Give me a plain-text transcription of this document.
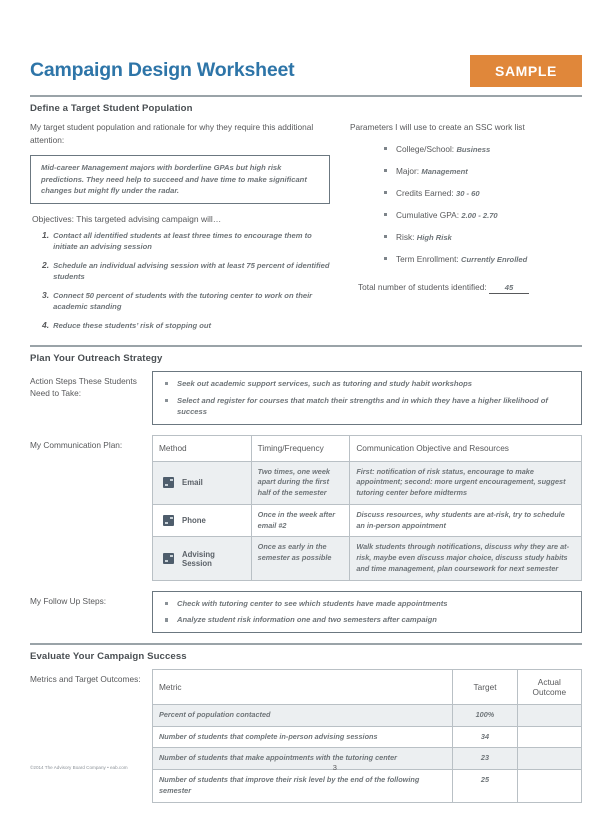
Campaign Design Worksheet	SAMPLE
Define a Target Student Population
My target student population and rationale for why they require this additional attention:
Mid-career Management majors with borderline GPAs but high risk predictions. They need help to succeed and have time to make significant changes but might fly under the radar.
Objectives: This targeted advising campaign will…
1. Contact all identified students at least three times to encourage them to initiate an advising session
2. Schedule an individual advising session with at least 75 percent of identified students
3. Connect 50 percent of students with the tutoring center to work on their academic standing
4. Reduce these students’ risk of stopping out
Parameters I will use to create an SSC work list
College/School: Business
Major: Management
Credits Earned: 30 - 60
Cumulative GPA: 2.00 - 2.70
Risk: High Risk
Term Enrollment: Currently Enrolled
Total number of students identified: 45
Plan Your Outreach Strategy
Action Steps These Students Need to Take:
Seek out academic support services, such as tutoring and study habit workshops
Select and register for courses that match their strengths and in which they have a higher likelihood of success
My Communication Plan:	Method	Timing/Frequency	Communication Objective and Resources

Email	Two times, one week apart during the first half of the semester	First: notification of risk status, encourage to make appointment; second: more urgent encouragement, suggest tutoring center before midterms

Phone	Once in the week after email #2	Discuss resources, why students are at-risk, try to schedule an in-person appointment

Advising Session	Once as early in the semester as possible	Walk students through notifications, discuss why they are at-risk, maybe even discuss major choice, discuss study habits and time management, plan coursework for next semester
My Follow Up Steps:	Check with tutoring center to see which students have made appointments
Analyze student risk information one and two semesters after campaign
Evaluate Your Campaign Success
Metrics and Target Outcomes:
Metric	Target	Actual Outcome

Percent of population contacted	100%	

Number of students that complete in-person advising sessions	34	

Number of students that make appointments with the tutoring center	23	

Number of students that improve their risk level by the end of the following semester	25	

©2014 The Advisory Board Company • eab.com	3
